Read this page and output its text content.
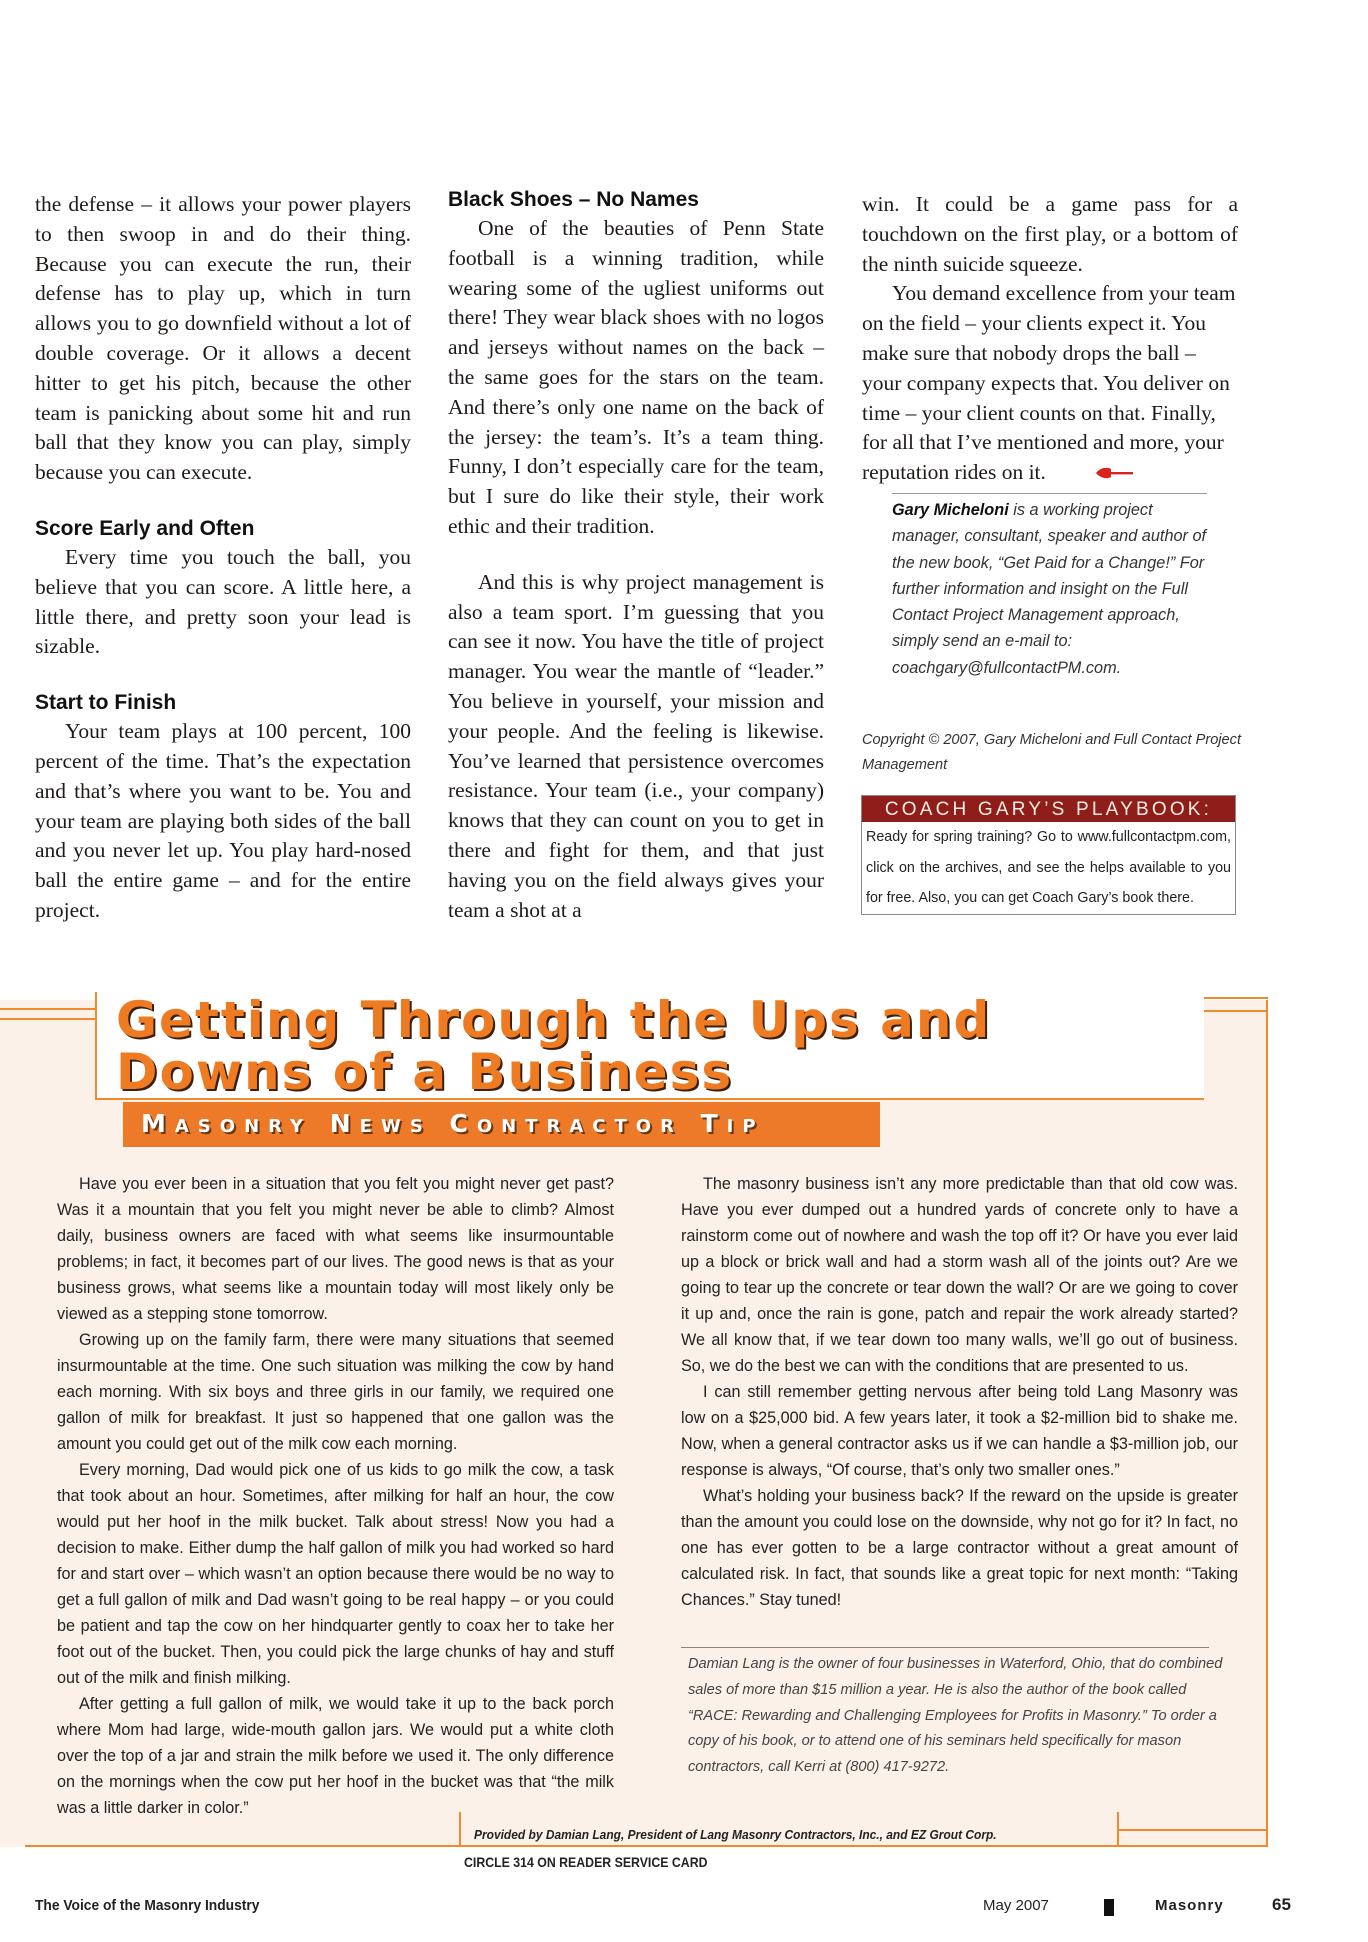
the defense – it allows your power players to then swoop in and do their thing. Because you can execute the run, their defense has to play up, which in turn allows you to go downfield without a lot of double coverage. Or it allows a decent hitter to get his pitch, because the other team is panicking about some hit and run ball that they know you can play, simply because you can execute.

Score Early and Often

Every time you touch the ball, you believe that you can score. A little here, a little there, and pretty soon your lead is sizable.

Start to Finish

Your team plays at 100 percent, 100 percent of the time. That’s the expectation and that’s where you want to be. You and your team are playing both sides of the ball and you never let up. You play hard-nosed ball the entire game – and for the entire project.

Black Shoes – No Names

One of the beauties of Penn State football is a winning tradition, while wearing some of the ugliest uniforms out there! They wear black shoes with no logos and jerseys without names on the back – the same goes for the stars on the team. And there’s only one name on the back of the jersey: the team’s. It’s a team thing. Funny, I don’t especially care for the team, but I sure do like their style, their work ethic and their tradition.

And this is why project management is also a team sport. I’m guessing that you can see it now. You have the title of project manager. You wear the mantle of “leader.” You believe in yourself, your mission and your people. And the feeling is likewise. You’ve learned that persistence overcomes resistance. Your team (i.e., your company) knows that they can count on you to get in there and fight for them, and that just having you on the field always gives your team a shot at a

win. It could be a game pass for a touchdown on the first play, or a bottom of the ninth suicide squeeze.

You demand excellence from your team on the field – your clients expect it. You make sure that nobody drops the ball – your company expects that. You deliver on time – your client counts on that. Finally, for all that I’ve mentioned and more, your reputation rides on it.

Gary Micheloni is a working project manager, consultant, speaker and author of the new book, “Get Paid for a Change!” For further information and insight on the Full Contact Project Management approach, simply send an e-mail to: coachgary@fullcontactPM.com.
Copyright © 2007, Gary Micheloni and Full Contact Project Management
COACH GARY’S PLAYBOOK:
Ready for spring training? Go to www.fullcontactpm.com, click on the archives, and see the helps available to you for free. Also, you can get Coach Gary’s book there.
Getting Through the Ups and
Downs of a Business
Masonry News Contractor Tip

Have you ever been in a situation that you felt you might never get past? Was it a mountain that you felt you might never be able to climb? Almost daily, business owners are faced with what seems like insurmountable problems; in fact, it becomes part of our lives. The good news is that as your business grows, what seems like a mountain today will most likely only be viewed as a stepping stone tomorrow.

Growing up on the family farm, there were many situations that seemed insurmountable at the time. One such situation was milking the cow by hand each morning. With six boys and three girls in our family, we required one gallon of milk for breakfast. It just so happened that one gallon was the amount you could get out of the milk cow each morning.

Every morning, Dad would pick one of us kids to go milk the cow, a task that took about an hour. Sometimes, after milking for half an hour, the cow would put her hoof in the milk bucket. Talk about stress! Now you had a decision to make. Either dump the half gallon of milk you had worked so hard for and start over – which wasn’t an option because there would be no way to get a full gallon of milk and Dad wasn’t going to be real happy – or you could be patient and tap the cow on her hindquarter gently to coax her to take her foot out of the bucket. Then, you could pick the large chunks of hay and stuff out of the milk and finish milking.

After getting a full gallon of milk, we would take it up to the back porch where Mom had large, wide-mouth gallon jars. We would put a white cloth over the top of a jar and strain the milk before we used it. The only difference on the mornings when the cow put her hoof in the bucket was that “the milk was a little darker in color.”

The masonry business isn’t any more predictable than that old cow was. Have you ever dumped out a hundred yards of concrete only to have a rainstorm come out of nowhere and wash the top off it? Or have you ever laid up a block or brick wall and had a storm wash all of the joints out? Are we going to tear up the concrete or tear down the wall? Or are we going to cover it up and, once the rain is gone, patch and repair the work already started? We all know that, if we tear down too many walls, we’ll go out of business. So, we do the best we can with the conditions that are presented to us.

I can still remember getting nervous after being told Lang Masonry was low on a $25,000 bid. A few years later, it took a $2-million bid to shake me. Now, when a general contractor asks us if we can handle a $3-million job, our response is always, “Of course, that’s only two smaller ones.”

What’s holding your business back? If the reward on the upside is greater than the amount you could lose on the downside, why not go for it? In fact, no one has ever gotten to be a large contractor without a great amount of calculated risk. In fact, that sounds like a great topic for next month: “Taking Chances.” Stay tuned!

Damian Lang is the owner of four businesses in Waterford, Ohio, that do combined sales of more than $15 million a year. He is also the author of the book called “RACE: Rewarding and Challenging Employees for Profits in Masonry.” To order a copy of his book, or to attend one of his seminars held specifically for mason contractors, call Kerri at (800) 417-9272.
Provided by Damian Lang, President of Lang Masonry Contractors, Inc., and EZ Grout Corp.
CIRCLE 314 ON READER SERVICE CARD
The Voice of the Masonry Industry	May 2007	Masonry	65
